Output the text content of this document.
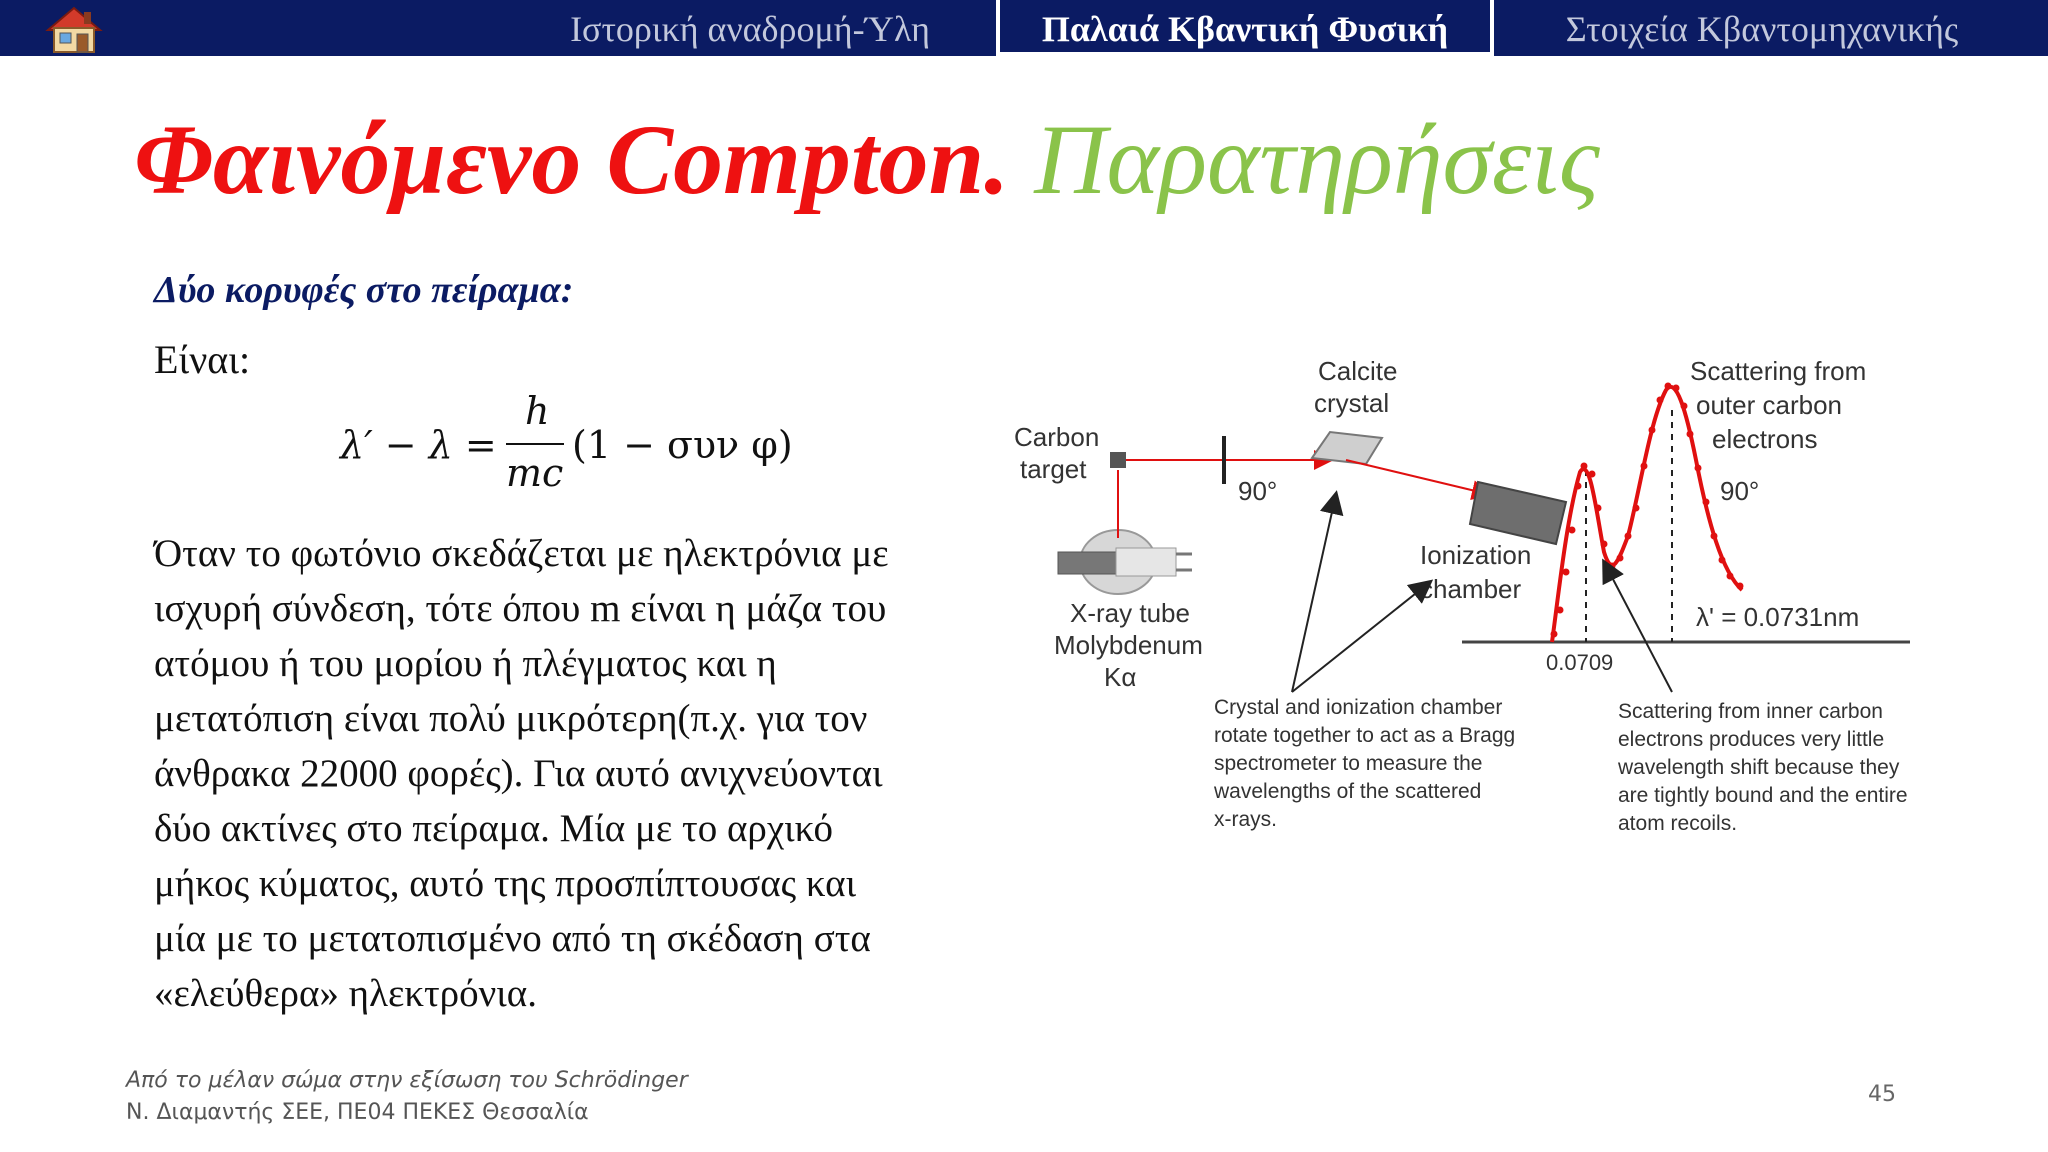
Ιστορική αναδρομή-Ύλη	Παλαιά Κβαντική Φυσική	Στοιχεία Κβαντομηχανικής
Φαινόμενο Compton. Παρατηρήσεις
Δύο κορυφές στο πείραμα:
Είναι:
λ′ − λ =
h
mc
(1 − συν φ)
Όταν το φωτόνιο σκεδάζεται με ηλεκτρόνια με
ισχυρή σύνδεση, τότε όπου m είναι η μάζα του
ατόμου ή του μορίου ή πλέγματος και η
μετατόπιση είναι πολύ μικρότερη(π.χ. για τον
άνθρακα 22000 φορές). Για αυτό ανιχνεύονται
δύο ακτίνες στο πείραμα. Μία με το αρχικό
μήκος κύματος, αυτό της προσπίπτουσας και
μία με το μετατοπισμένο από τη σκέδαση στα
«ελεύθερα» ηλεκτρόνια.
Calcite
crystal
Carbon
target
90°
Ionization
chamber
X-ray tube
Molybdenum
Kα
Scattering from
outer carbon
electrons
90°
λ' = 0.0731nm
0.0709
Crystal and ionization chamber
rotate together to act as a Bragg
spectrometer to measure the
wavelengths of the scattered
x-rays.
Scattering from inner carbon
electrons produces very little
wavelength shift because they
are tightly bound and the entire
atom recoils.
Από το μέλαν σώμα στην εξίσωση του Schrödinger
Ν. Διαμαντής ΣΕΕ, ΠΕ04 ΠΕΚΕΣ Θεσσαλία
45
